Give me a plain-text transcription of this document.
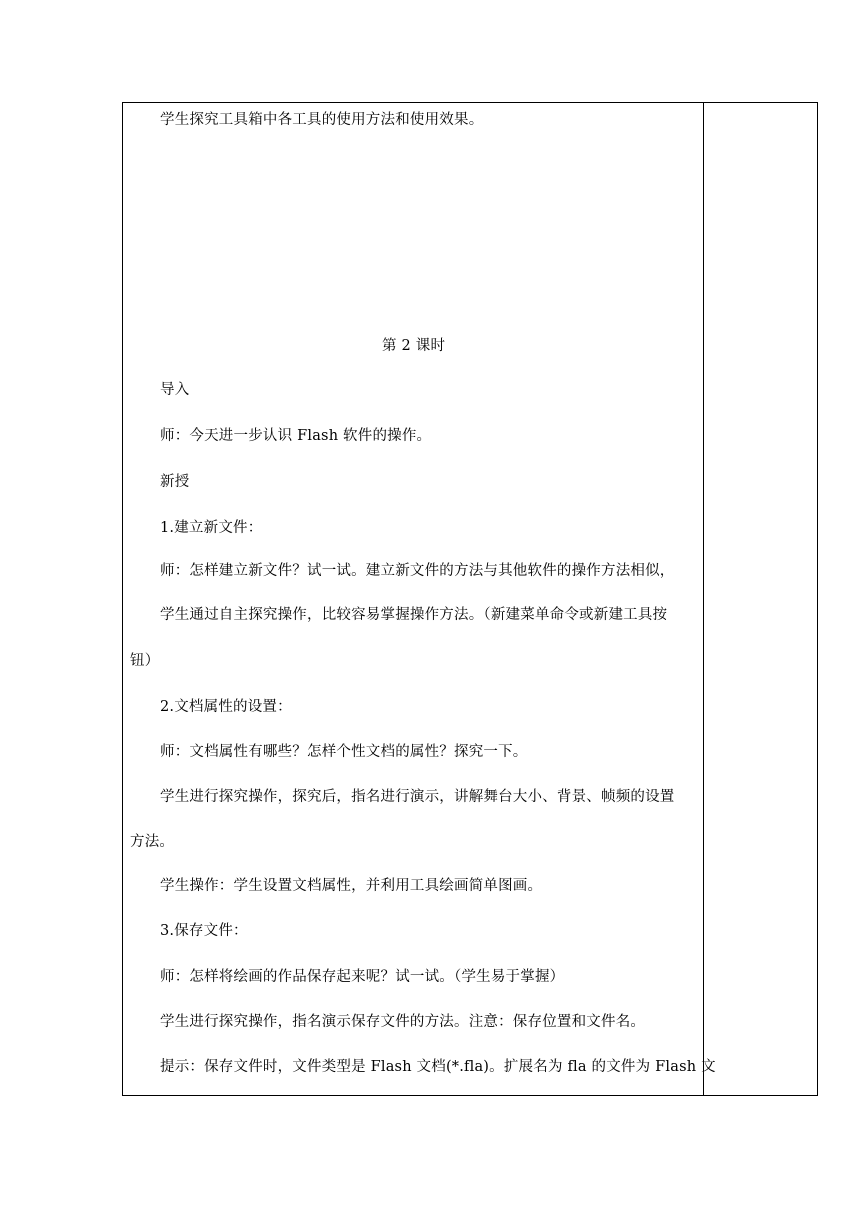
学生探究工具箱中各工具的使用方法和使用效果。
第 2 课时
导入
师：今天进一步认识 Flash 软件的操作。
新授
1.建立新文件：
师：怎样建立新文件？试一试。建立新文件的方法与其他软件的操作方法相似，
学生通过自主探究操作，比较容易掌握操作方法。（新建菜单命令或新建工具按
钮）
2.文档属性的设置：
师：文档属性有哪些？怎样个性文档的属性？探究一下。
学生进行探究操作，探究后，指名进行演示，讲解舞台大小、背景、帧频的设置
方法。
学生操作：学生设置文档属性，并利用工具绘画简单图画。
3.保存文件：
师：怎样将绘画的作品保存起来呢？试一试。（学生易于掌握）
学生进行探究操作，指名演示保存文件的方法。注意：保存位置和文件名。
提示：保存文件时，文件类型是 Flash 文档(*.fla)。扩展名为 fla 的文件为 Flash 文
